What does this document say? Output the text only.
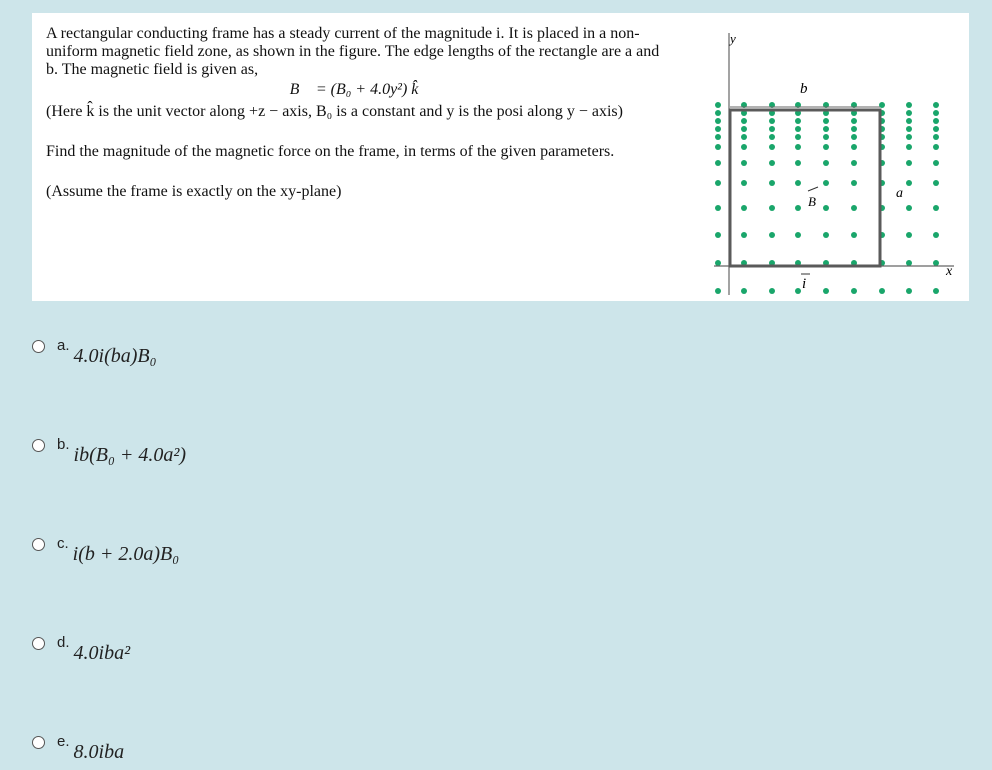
A rectangular conducting frame has a steady current of the magnitude i. It is placed in a non-uniform magnetic field zone, as shown in the figure. The edge lengths of the rectangle are a and b. The magnetic field is given as,

B⃗ = (B₀ + 4.0y²) k̂

(Here k̂ is the unit vector along +z − axis, B₀ is a constant and y is the posi along y − axis)

Find the magnitude of the magnetic force on the frame, in terms of the given parameters.

(Assume the frame is exactly on the xy-plane)

y
x
b
a
B
i
a. 4.0i(ba)B₀
b. ib(B₀ + 4.0a²)
c. i(b + 2.0a)B₀
d. 4.0iba²
e. 8.0iba
